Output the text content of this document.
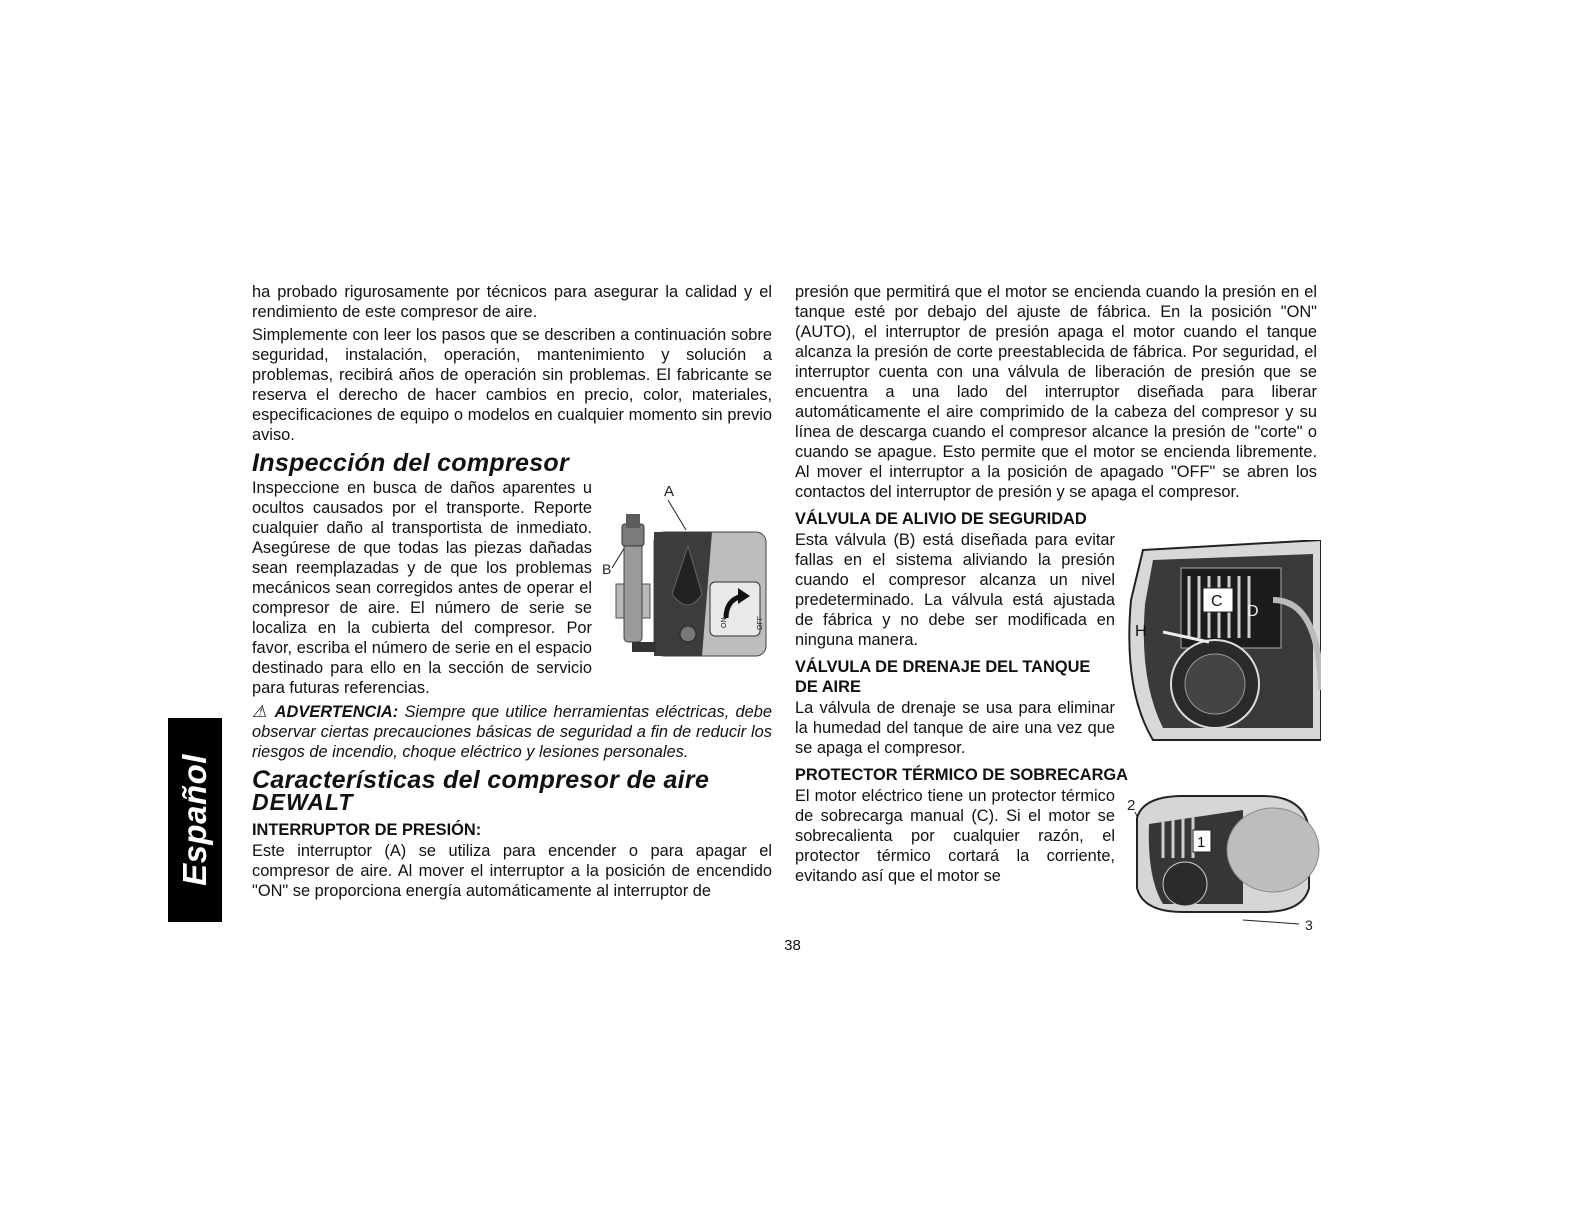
Español

ha probado rigurosamente por técnicos para asegurar la calidad y el rendimiento de este compresor de aire.

Simplemente con leer los pasos que se describen a continuación sobre seguridad, instalación, operación, mantenimiento y solución a problemas, recibirá años de operación sin problemas. El fabricante se reserva el derecho de hacer cambios en precio, color, materiales, especificaciones de equipo o modelos en cualquier momento sin previo aviso.

Inspección del compresor
A
B
ON	OFF

Inspeccione en busca de daños aparentes u ocultos causados por el transporte. Reporte cualquier daño al transportista de inmediato. Asegúrese de que todas las piezas dañadas sean reemplazadas y de que los problemas mecánicos sean corregidos antes de operar el compresor de aire. El número de serie se localiza en la cubierta del compresor. Por favor, escriba el número de serie en el espacio destinado para ello en la sección de servicio para futuras referencias.

⚠ ADVERTENCIA: Siempre que utilice herramientas eléctricas, debe observar ciertas precauciones básicas de seguridad a fin de reducir los riesgos de incendio, choque eléctrico y lesiones personales.
Características del compresor de aire
DEWALT
INTERRUPTOR DE PRESIÓN:

Este interruptor (A) se utiliza para encender o para apagar el compresor de aire. Al mover el interruptor a la posición de encendido "ON" se proporciona energía automáticamente al interruptor de

presión que permitirá que el motor se encienda cuando la presión en el tanque esté por debajo del ajuste de fábrica. En la posición "ON" (AUTO), el interruptor de presión apaga el motor cuando el tanque alcanza la presión de corte preestablecida de fábrica. Por seguridad, el interruptor cuenta con una válvula de liberación de presión que se encuentra a una lado del interruptor diseñada para liberar automáticamente el aire comprimido de la cabeza del compresor y su línea de descarga cuando el compresor alcance la presión de "corte" o cuando se apague. Esto permite que el motor se encienda libremente. Al mover el interruptor a la posición de apagado "OFF" se abren los contactos del interruptor de presión y se apaga el compresor.

VÁLVULA DE ALIVIO DE SEGURIDAD
C
D
H

Esta válvula (B) está diseñada para evitar fallas en el sistema aliviando la presión cuando el compresor alcanza un nivel predeterminado. La válvula está ajustada de fábrica y no debe ser modificada en ninguna manera.

VÁLVULA DE DRENAJE DEL TANQUE DE AIRE

La válvula de drenaje se usa para eliminar la humedad del tanque de aire una vez que se apaga el compresor.

PROTECTOR TÉRMICO DE SOBRECARGA
2
1
3

El motor eléctrico tiene un protector térmico de sobrecarga manual (C). Si el motor se sobrecalienta por cualquier razón, el protector térmico cortará la corriente, evitando así que el motor se

38
